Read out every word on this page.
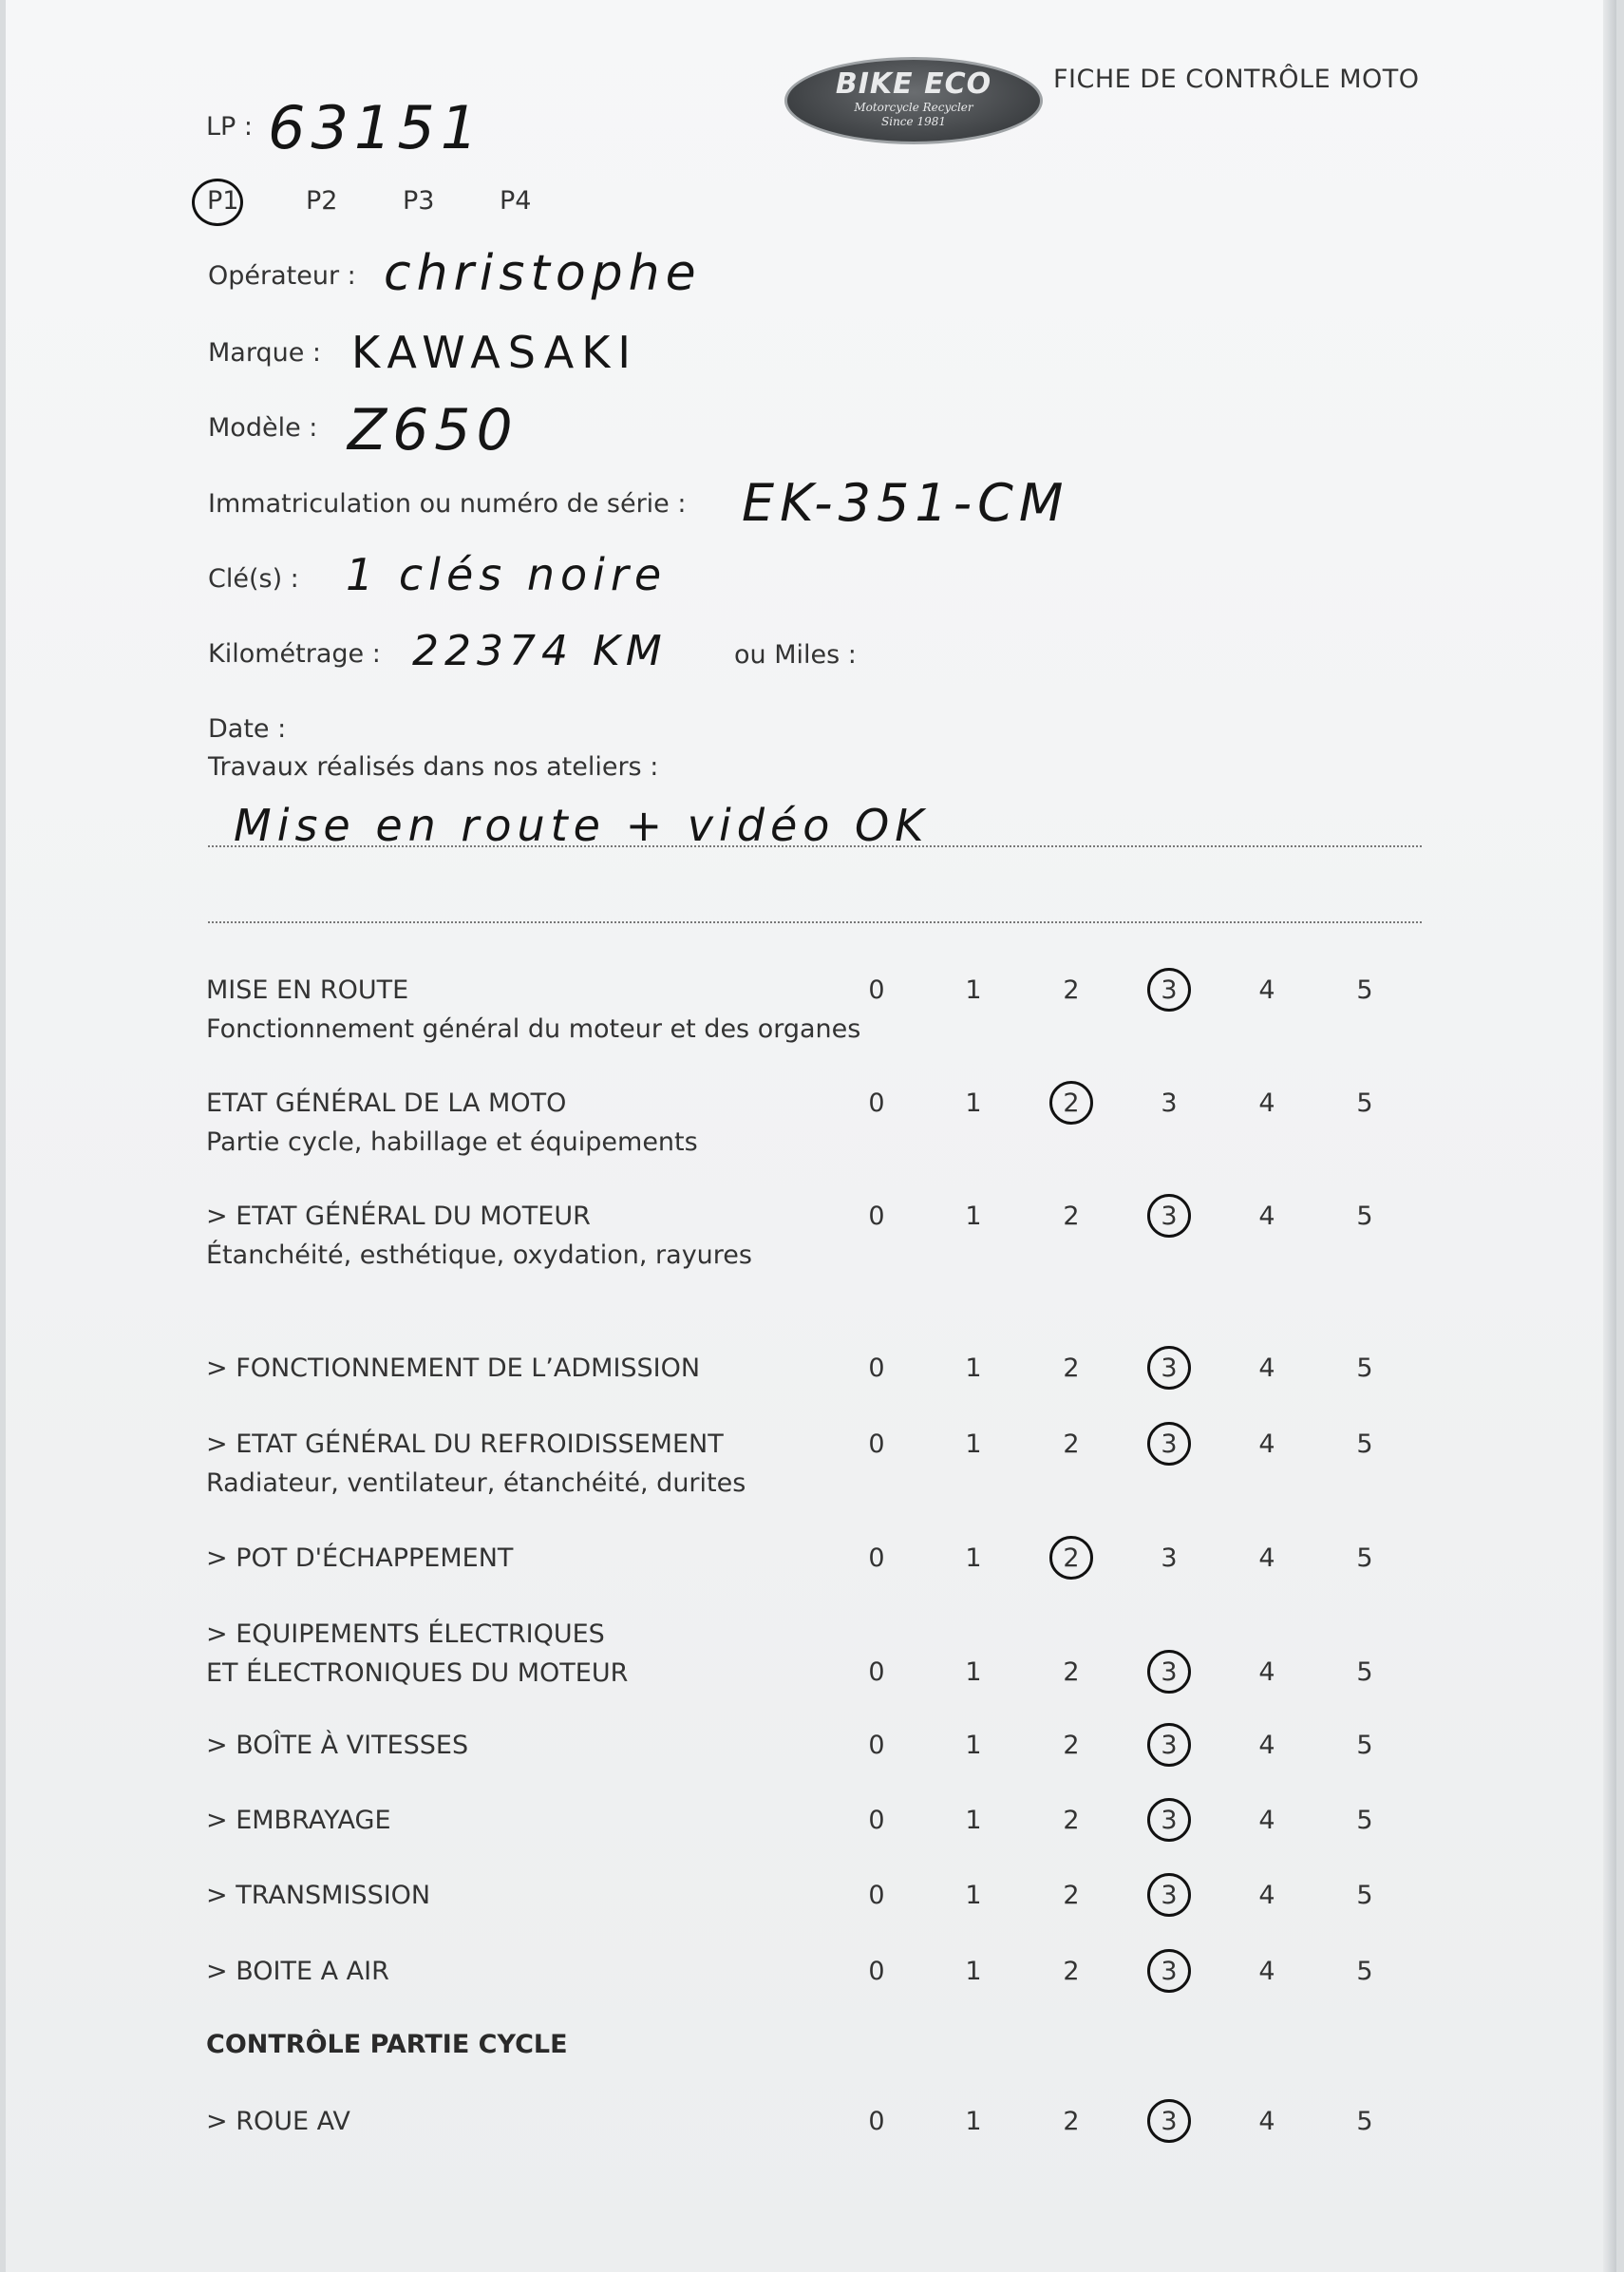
BIKE ECO
Motorcycle Recycler
Since 1981
FICHE DE CONTRÔLE MOTO
LP : 63151
P1	P2	P3	P4
Opérateur : christophe
Marque : KAWASAKI
Modèle : Z650
Immatriculation ou numéro de série : EK-351-CM
Clé(s) : 1 clés noire
Kilométrage : 22374 KM	ou Miles :
Date :
Travaux réalisés dans nos ateliers :
Mise en route + vidéo OK
MISE EN ROUTE
Fonctionnement général du moteur et des organes
0	1	2	3	4	5
ETAT GÉNÉRAL DE LA MOTO
Partie cycle, habillage et équipements
0	1	2	3	4	5
> ETAT GÉNÉRAL DU MOTEUR
Étanchéité, esthétique, oxydation, rayures
0	1	2	3	4	5
> FONCTIONNEMENT DE L’ADMISSION	0	1	2	3	4	5
> ETAT GÉNÉRAL DU REFROIDISSEMENT
Radiateur, ventilateur, étanchéité, durites
0	1	2	3	4	5
> POT D'ÉCHAPPEMENT	0	1	2	3	4	5
> EQUIPEMENTS ÉLECTRIQUES
ET ÉLECTRONIQUES DU MOTEUR	0	1	2	3	4	5
> BOÎTE À VITESSES	0	1	2	3	4	5
> EMBRAYAGE	0	1	2	3	4	5
> TRANSMISSION	0	1	2	3	4	5
> BOITE A AIR	0	1	2	3	4	5
CONTRÔLE PARTIE CYCLE
> ROUE AV	0	1	2	3	4	5
